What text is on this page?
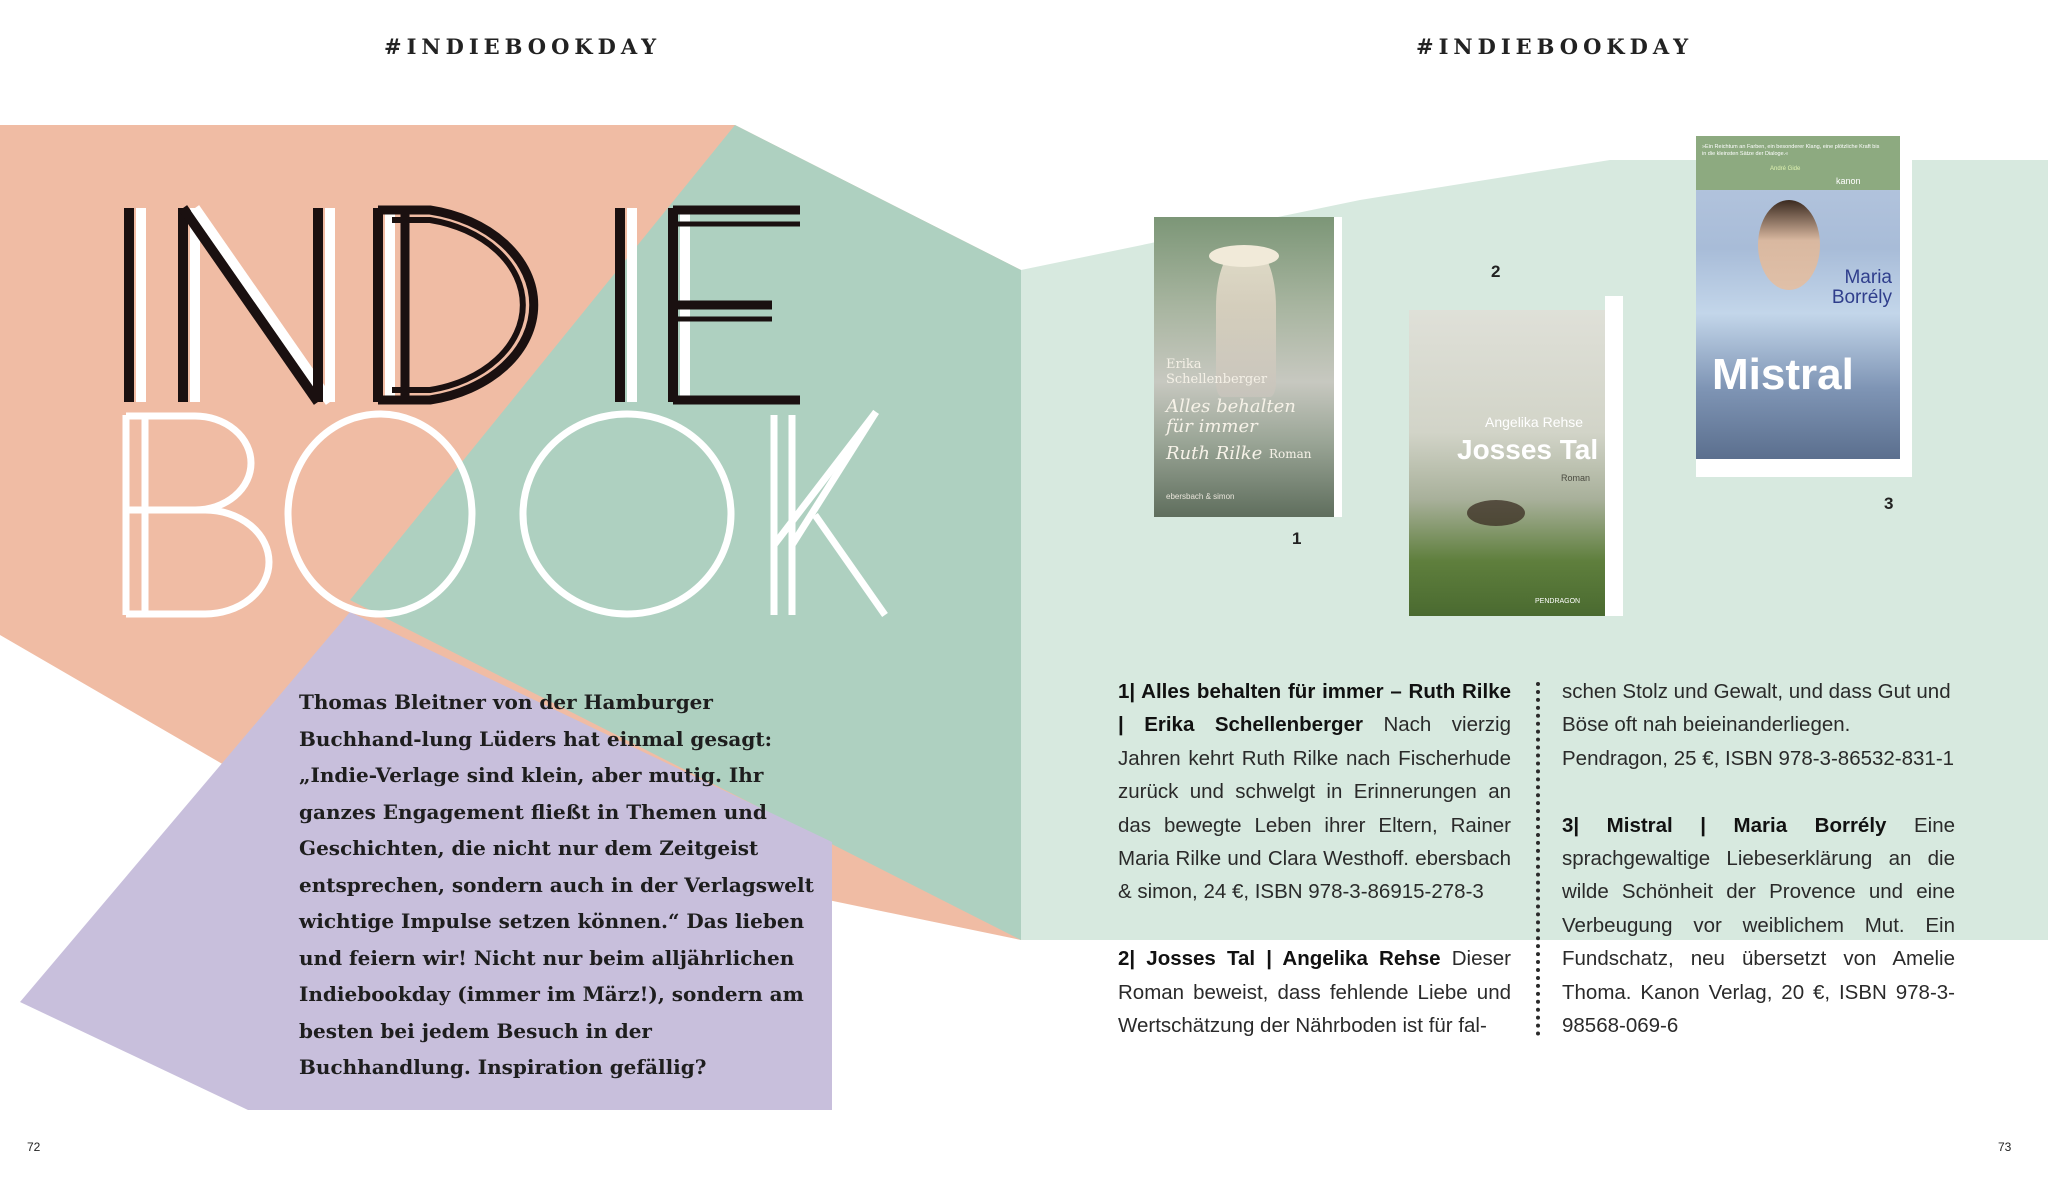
#INDIEBOOKDAY	#INDIEBOOKDAY

Thomas Bleitner von der Hamburger Buchhand-lung Lüders hat einmal gesagt: „Indie-Verlage sind klein, aber mutig. Ihr ganzes Engagement fließt in Themen und Geschichten, die nicht nur dem Zeitgeist entsprechen, sondern auch in der Verlagswelt wichtige Impulse setzen können.“ Das lieben und feiern wir! Nicht nur beim alljährlichen Indiebookday (immer im März!), sondern am besten bei jedem Besuch in der Buchhandlung. Inspiration gefällig?

Erika Schellenberger
Alles behalten für immer
Ruth Rilke Roman
ebersbach & simon
1
Angelika Rehse
Josses Tal
Roman
PENDRAGON
2
»Ein Reichtum an Farben, ein besonderer Klang, eine plötzliche Kraft bis in die kleinsten Sätze der Dialoge.«
André Gide
kanon
Maria Borrély
Mistral
3

1| Alles behalten für immer – Ruth Rilke | Erika Schellenberger Nach vierzig Jahren kehrt Ruth Rilke nach Fischerhude zurück und schwelgt in Erinnerungen an das bewegte Leben ihrer Eltern, Rainer Maria Rilke und Clara Westhoff. ebersbach & simon, 24 €, ISBN 978-3-86915-278-3

2| Josses Tal | Angelika Rehse Dieser Roman beweist, dass fehlende Liebe und Wertschätzung der Nährboden ist für fal-

schen Stolz und Gewalt, und dass Gut und Böse oft nah beieinanderliegen. Pendragon, 25 €, ISBN 978-3-86532-831-1

3| Mistral | Maria Borrély Eine sprachgewaltige Liebeserklärung an die wilde Schönheit der Provence und eine Verbeugung vor weiblichem Mut. Ein Fundschatz, neu übersetzt von Amelie Thoma. Kanon Verlag, 20 €, ISBN 978-3-98568-069-6

72	73
